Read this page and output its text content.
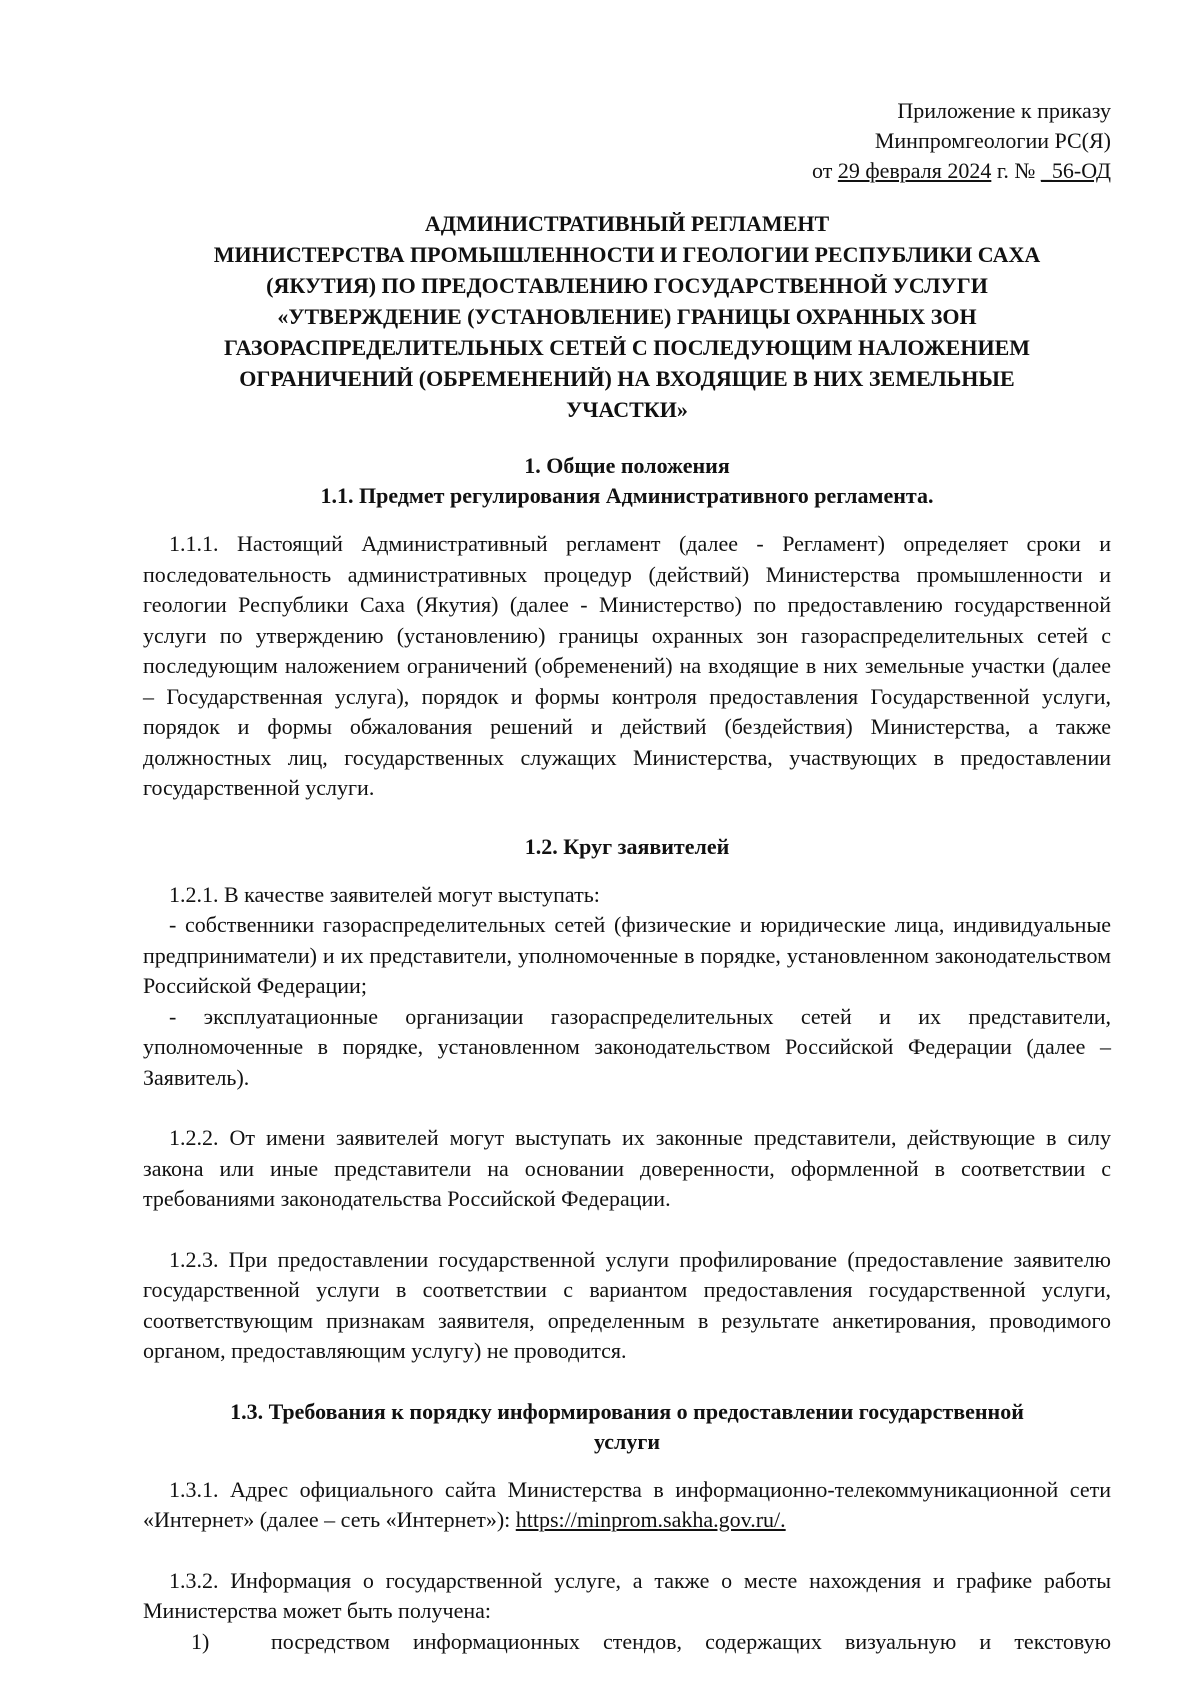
Приложение к приказу
Минпромгеологии РС(Я)
от 29 февраля 2024 г. № _56-ОД
АДМИНИСТРАТИВНЫЙ РЕГЛАМЕНТ
МИНИСТЕРСТВА ПРОМЫШЛЕННОСТИ И ГЕОЛОГИИ РЕСПУБЛИКИ САХА
(ЯКУТИЯ) ПО ПРЕДОСТАВЛЕНИЮ ГОСУДАРСТВЕННОЙ УСЛУГИ
«УТВЕРЖДЕНИЕ (УСТАНОВЛЕНИЕ) ГРАНИЦЫ ОХРАННЫХ ЗОН
ГАЗОРАСПРЕДЕЛИТЕЛЬНЫХ СЕТЕЙ С ПОСЛЕДУЮЩИМ НАЛОЖЕНИЕМ
ОГРАНИЧЕНИЙ (ОБРЕМЕНЕНИЙ) НА ВХОДЯЩИЕ В НИХ ЗЕМЕЛЬНЫЕ
УЧАСТКИ»
1. Общие положения
1.1. Предмет регулирования Административного регламента.

1.1.1. Настоящий Административный регламент (далее - Регламент) определяет сроки и последовательность административных процедур (действий) Министерства промышленности и геологии Республики Саха (Якутия) (далее - Министерство) по предоставлению государственной услуги по утверждению (установлению) границы охранных зон газораспределительных сетей с последующим наложением ограничений (обременений) на входящие в них земельные участки (далее – Государственная услуга), порядок и формы контроля предоставления Государственной услуги, порядок и формы обжалования решений и действий (бездействия) Министерства, а также должностных лиц, государственных служащих Министерства, участвующих в предоставлении государственной услуги.

1.2. Круг заявителей

1.2.1. В качестве заявителей могут выступать:

- собственники газораспределительных сетей (физические и юридические лица, индивидуальные предприниматели) и их представители, уполномоченные в порядке, установленном законодательством Российской Федерации;

- эксплуатационные организации газораспределительных сетей и их представители, уполномоченные в порядке, установленном законодательством Российской Федерации (далее – Заявитель).

1.2.2. От имени заявителей могут выступать их законные представители, действующие в силу закона или иные представители на основании доверенности, оформленной в соответствии с требованиями законодательства Российской Федерации.

1.2.3. При предоставлении государственной услуги профилирование (предоставление заявителю государственной услуги в соответствии с вариантом предоставления государственной услуги, соответствующим признакам заявителя, определенным в результате анкетирования, проводимого органом, предоставляющим услугу) не проводится.

1.3. Требования к порядку информирования о предоставлении государственной
услуги

1.3.1. Адрес официального сайта Министерства в информационно-телекоммуникационной сети «Интернет» (далее – сеть «Интернет»): https://minprom.sakha.gov.ru/.

1.3.2. Информация о государственной услуге, а также о месте нахождения и графике работы Министерства может быть получена:

1)	посредством информационных стендов, содержащих визуальную и текстовую
